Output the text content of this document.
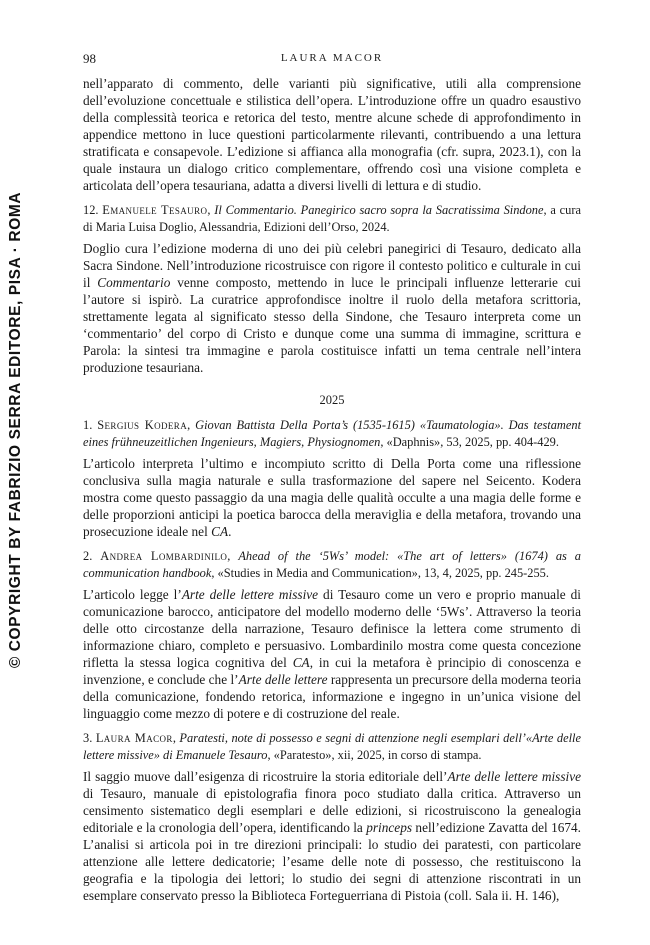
© COPYRIGHT BY FABRIZIO SERRA EDITORE, PISA · ROMA
98	LAURA MACOR

nell’apparato di commento, delle varianti più significative, utili alla comprensione dell’evoluzione concettuale e stilistica dell’opera. L’introduzione offre un quadro esaustivo della complessità teorica e retorica del testo, mentre alcune schede di approfondimento in appendice mettono in luce questioni particolarmente rilevanti, contribuendo a una lettura stratificata e consapevole. L’edizione si affianca alla monografia (cfr. supra, 2023.1), con la quale instaura un dialogo critico complementare, offrendo così una visione completa e articolata dell’opera tesauriana, adatta a diversi livelli di lettura e di studio.

12. Emanuele Tesauro, Il Commentario. Panegirico sacro sopra la Sacratissima Sindone, a cura di Maria Luisa Doglio, Alessandria, Edizioni dell’Orso, 2024.

Doglio cura l’edizione moderna di uno dei più celebri panegirici di Tesauro, dedicato alla Sacra Sindone. Nell’introduzione ricostruisce con rigore il contesto politico e culturale in cui il Commentario venne composto, mettendo in luce le principali influenze letterarie cui l’autore si ispirò. La curatrice approfondisce inoltre il ruolo della metafora scrittoria, strettamente legata al significato stesso della Sindone, che Tesauro interpreta come un ‘commentario’ del corpo di Cristo e dunque come una summa di immagine, scrittura e Parola: la sintesi tra immagine e parola costituisce infatti un tema centrale nell’intera produzione tesauriana.

2025

1. Sergius Kodera, Giovan Battista Della Porta’s (1535-1615) «Taumatologia». Das testament eines frühneuzeitlichen Ingenieurs, Magiers, Physiognomen, «Daphnis», 53, 2025, pp. 404-429.

L’articolo interpreta l’ultimo e incompiuto scritto di Della Porta come una riflessione conclusiva sulla magia naturale e sulla trasformazione del sapere nel Seicento. Kodera mostra come questo passaggio da una magia delle qualità occulte a una magia delle forme e delle proporzioni anticipi la poetica barocca della meraviglia e della metafora, trovando una prosecuzione ideale nel CA.

2. Andrea Lombardinilo, Ahead of the ‘5Ws’ model: «The art of letters» (1674) as a communication handbook, «Studies in Media and Communication», 13, 4, 2025, pp. 245-255.

L’articolo legge l’Arte delle lettere missive di Tesauro come un vero e proprio manuale di comunicazione barocco, anticipatore del modello moderno delle ‘5Ws’. Attraverso la teoria delle otto circostanze della narrazione, Tesauro definisce la lettera come strumento di informazione chiaro, completo e persuasivo. Lombardinilo mostra come questa concezione rifletta la stessa logica cognitiva del CA, in cui la metafora è principio di conoscenza e invenzione, e conclude che l’Arte delle lettere rappresenta un precursore della moderna teoria della comunicazione, fondendo retorica, informazione e ingegno in un’unica visione del linguaggio come mezzo di potere e di costruzione del reale.

3. Laura Macor, Paratesti, note di possesso e segni di attenzione negli esemplari dell’«Arte delle lettere missive» di Emanuele Tesauro, «Paratesto», xii, 2025, in corso di stampa.

Il saggio muove dall’esigenza di ricostruire la storia editoriale dell’Arte delle lettere missive di Tesauro, manuale di epistolografia finora poco studiato dalla critica. Attraverso un censimento sistematico degli esemplari e delle edizioni, si ricostruiscono la genealogia editoriale e la cronologia dell’opera, identificando la princeps nell’edizione Zavatta del 1674. L’analisi si articola poi in tre direzioni principali: lo studio dei paratesti, con particolare attenzione alle lettere dedicatorie; l’esame delle note di possesso, che restituiscono la geografia e la tipologia dei lettori; lo studio dei segni di attenzione riscontrati in un esemplare conservato presso la Biblioteca Forteguerriana di Pistoia (coll. Sala ii. H. 146),
